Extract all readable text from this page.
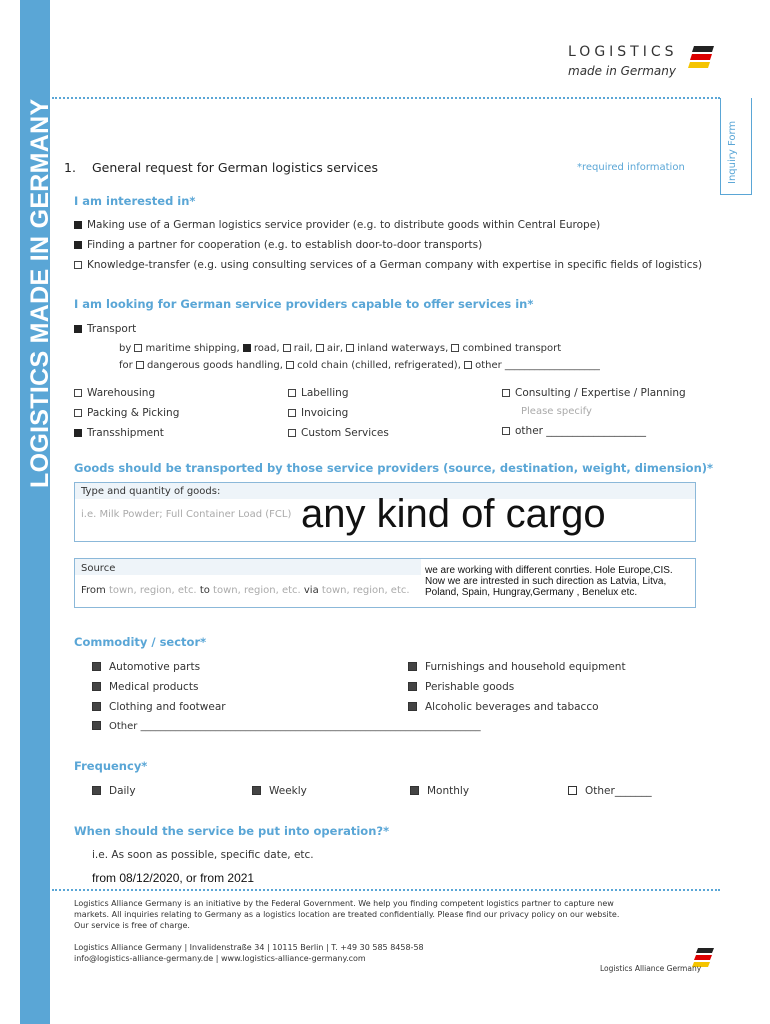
LOGISTICS MADE IN GERMANY
LOGISTICS
made in Germany
Inquiry Form
1. General request for German logistics services	*required information
I am interested in*
Making use of a German logistics service provider (e.g. to distribute goods within Central Europe)
Finding a partner for cooperation (e.g. to establish door-to-door transports)
Knowledge-transfer (e.g. using consulting services of a German company with expertise in specific fields of logistics)
I am looking for German service providers capable to offer services in*
Transport
by maritime shipping, road, rail, air, inland waterways, combined transport
for dangerous goods handling, cold chain (chilled, refrigerated), other ___________________
Warehousing
Packing & Picking
Transshipment
Labelling
Invoicing
Custom Services
Consulting / Expertise / Planning
Please specify
other ___________________
Goods should be transported by those service providers (source, destination, weight, dimension)*
Type and quantity of goods:
i.e. Milk Powder; Full Container Load (FCL) any kind of cargo
Source
From town, region, etc. to town, region, etc. via town, region, etc.
we are working with different conrties. Hole Europe,CIS.
Now we are intrested in such direction as Latvia, Litva,
Poland, Spain, Hungray,Germany , Benelux etc.
Commodity / sector*
Automotive parts
Medical products
Clothing and footwear
Other ____________________________________________________________________
Furnishings and household equipment
Perishable goods
Alcoholic beverages and tabacco
Frequency*
Daily	Weekly	Monthly	Other_______
When should the service be put into operation?*
i.e. As soon as possible, specific date, etc.
from 08/12/2020, or from 2021
Logistics Alliance Germany is an initiative by the Federal Government. We help you finding competent logistics partner to capture new
markets. All inquiries relating to Germany as a logistics location are treated confidentially. Please find our privacy policy on our website.
Our service is free of charge.
Logistics Alliance Germany | Invalidenstraße 34 | 10115 Berlin | T. +49 30 585 8458-58
info@logistics-alliance-germany.de | www.logistics-alliance-germany.com
Logistics Alliance Germany
